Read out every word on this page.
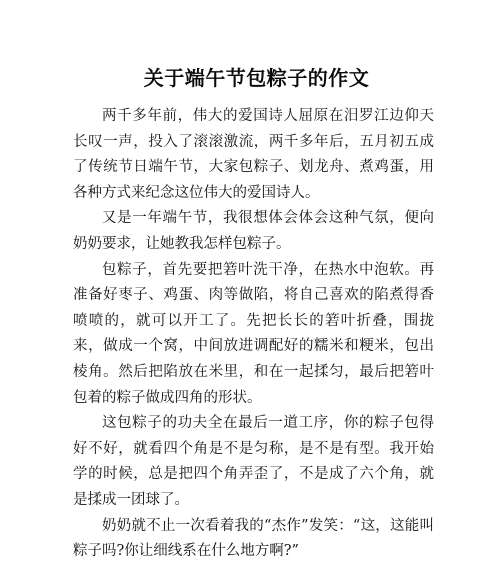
关于端午节包粽子的作文

两千多年前，伟大的爱国诗人屈原在汨罗江边仰天长叹一声，投入了滚滚激流，两千多年后，五月初五成了传统节日端午节，大家包粽子、划龙舟、煮鸡蛋，用各种方式来纪念这位伟大的爱国诗人。

又是一年端午节，我很想体会体会这种气氛，便向奶奶要求，让她教我怎样包粽子。

包粽子，首先要把箬叶洗干净，在热水中泡软。再准备好枣子、鸡蛋、肉等做陷，将自己喜欢的陷煮得香喷喷的，就可以开工了。先把长长的箬叶折叠，围拢来，做成一个窝，中间放进调配好的糯米和粳米，包出棱角。然后把陷放在米里，和在一起揉匀，最后把箬叶包着的粽子做成四角的形状。

这包粽子的功夫全在最后一道工序，你的粽子包得好不好，就看四个角是不是匀称，是不是有型。我开始学的时候，总是把四个角弄歪了，不是成了六个角，就是揉成一团球了。

奶奶就不止一次看着我的“杰作”发笑：“这，这能叫粽子吗?你让细线系在什么地方啊?”
